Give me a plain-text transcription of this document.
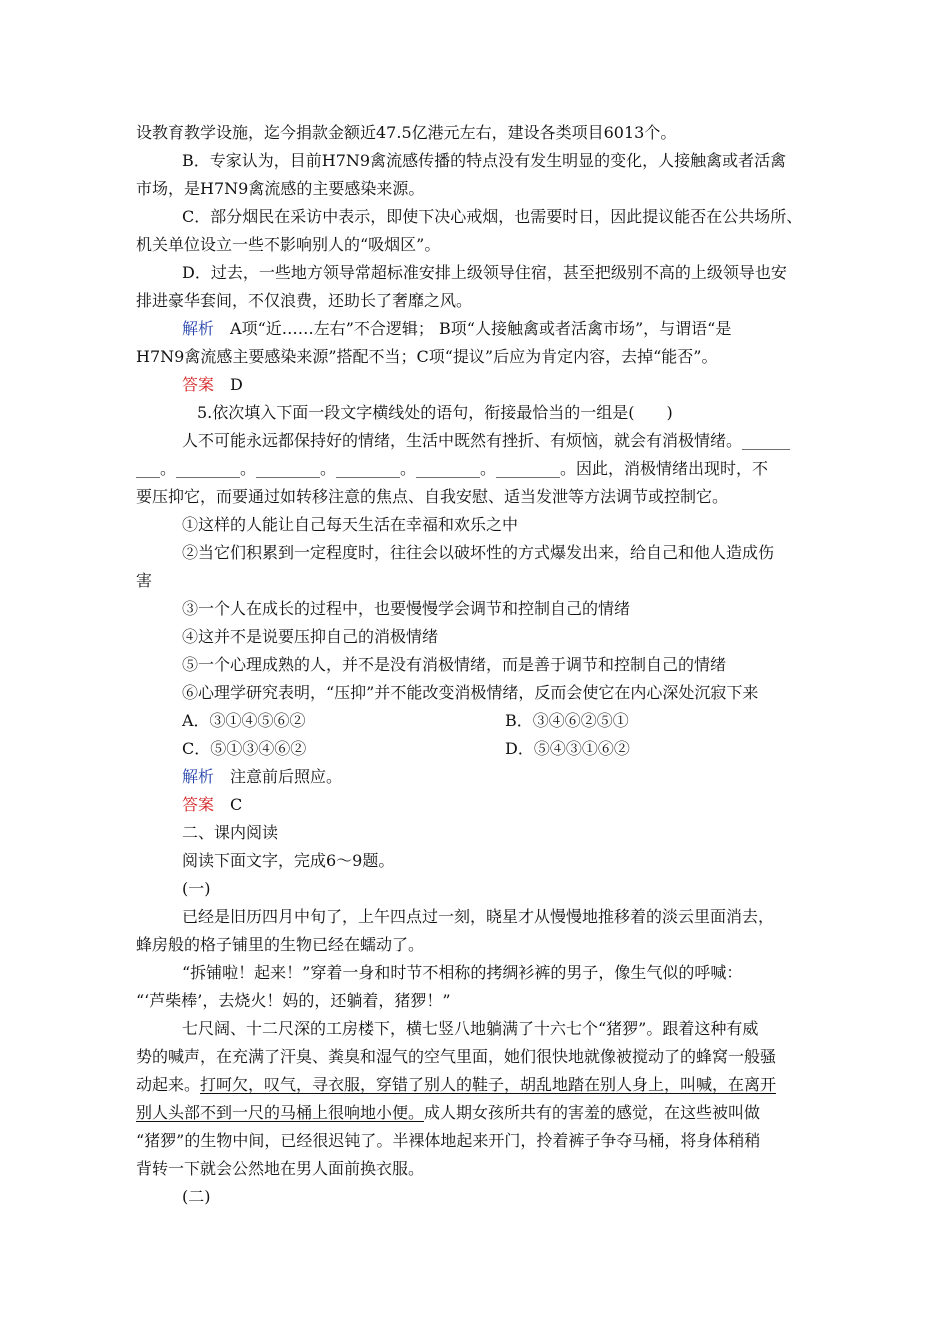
设教育教学设施，迄今捐款金额近47.5亿港元左右，建设各类项目6013个。
B．专家认为，目前H7N9禽流感传播的特点没有发生明显的变化，人接触禽或者活禽
市场，是H7N9禽流感的主要感染来源。
C．部分烟民在采访中表示，即使下决心戒烟，也需要时日，因此提议能否在公共场所、
机关单位设立一些不影响别人的“吸烟区”。
D．过去，一些地方领导常超标准安排上级领导住宿，甚至把级别不高的上级领导也安
排进豪华套间，不仅浪费，还助长了奢靡之风。
解析 A项“近……左右”不合逻辑； B项“人接触禽或者活禽市场”，与谓语“是
H7N9禽流感主要感染来源”搭配不当；C项“提议”后应为肯定内容，去掉“能否”。
答案 D
5.依次填入下面一段文字横线处的语句，衔接最恰当的一组是(　　)
人不可能永远都保持好的情绪，生活中既然有挫折、有烦恼，就会有消极情绪。______
___。________。________。________。________。________。因此，消极情绪出现时，不
要压抑它，而要通过如转移注意的焦点、自我安慰、适当发泄等方法调节或控制它。
①这样的人能让自己每天生活在幸福和欢乐之中
②当它们积累到一定程度时，往往会以破坏性的方式爆发出来，给自己和他人造成伤
害
③一个人在成长的过程中，也要慢慢学会调节和控制自己的情绪
④这并不是说要压抑自己的消极情绪
⑤一个心理成熟的人，并不是没有消极情绪，而是善于调节和控制自己的情绪
⑥心理学研究表明，“压抑”并不能改变消极情绪，反而会使它在内心深处沉寂下来
A．③①④⑤⑥②	B．③④⑥②⑤①
C．⑤①③④⑥②	D．⑤④③①⑥②
解析 注意前后照应。
答案 C
二、课内阅读
阅读下面文字，完成6～9题。
(一)
已经是旧历四月中旬了，上午四点过一刻，晓星才从慢慢地推移着的淡云里面消去，
蜂房般的格子铺里的生物已经在蠕动了。
“拆铺啦！起来！”穿着一身和时节不相称的拷绸衫裤的男子，像生气似的呼喊：
“‘芦柴棒’，去烧火！妈的，还躺着，猪猡！”
七尺阔、十二尺深的工房楼下，横七竖八地躺满了十六七个“猪猡”。跟着这种有威
势的喊声，在充满了汗臭、粪臭和湿气的空气里面，她们很快地就像被搅动了的蜂窝一般骚
动起来。打呵欠，叹气，寻衣服，穿错了别人的鞋子，胡乱地踏在别人身上，叫喊，在离开
别人头部不到一尺的马桶上很响地小便。成人期女孩所共有的害羞的感觉，在这些被叫做
“猪猡”的生物中间，已经很迟钝了。半裸体地起来开门，拎着裤子争夺马桶，将身体稍稍
背转一下就会公然地在男人面前换衣服。
(二)
